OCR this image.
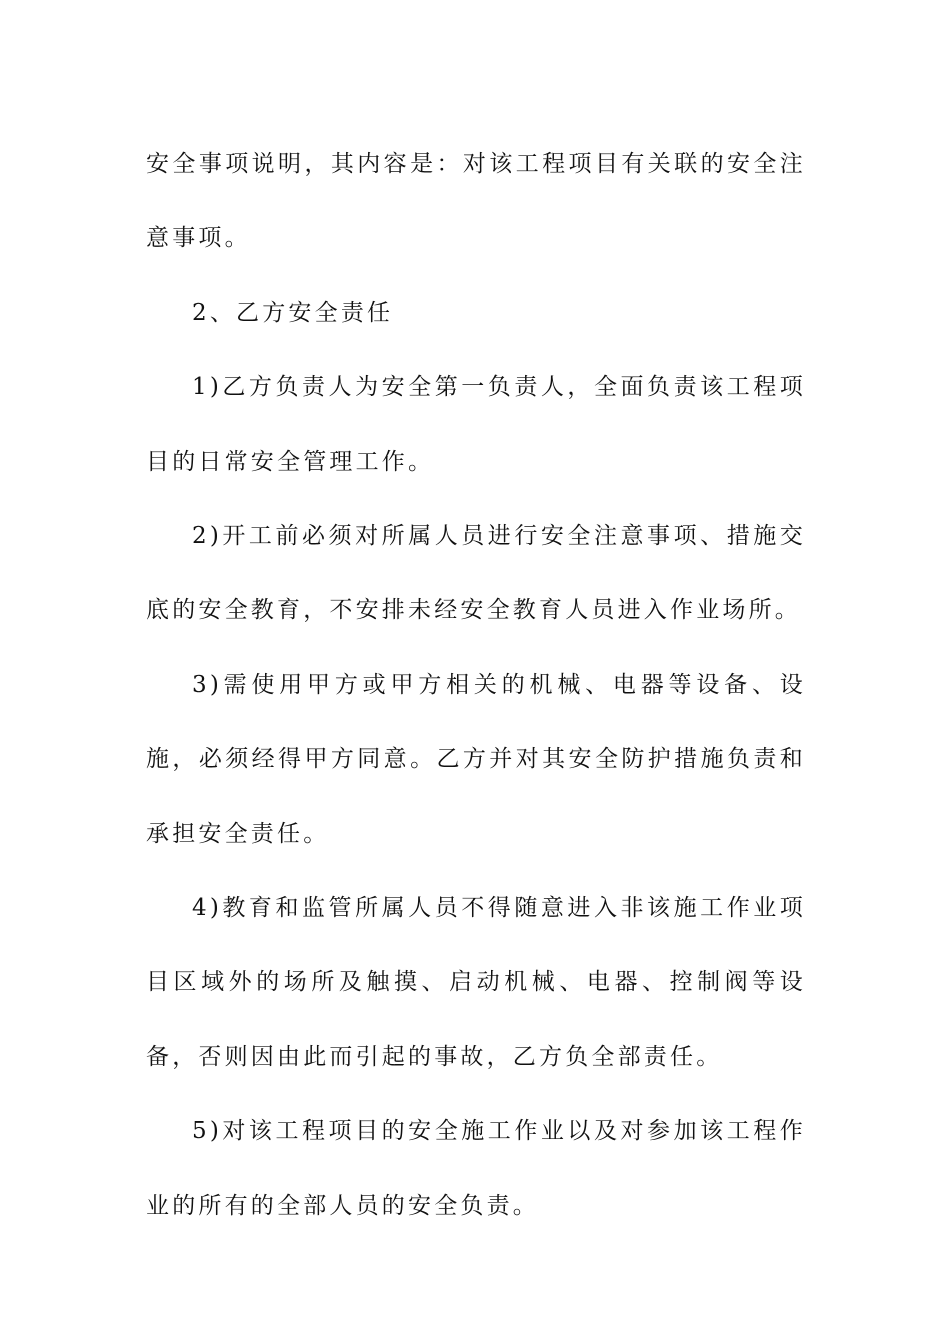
安全事项说明，其内容是：对该工程项目有关联的安全注意事项。

2、乙方安全责任

1)乙方负责人为安全第一负责人，全面负责该工程项目的日常安全管理工作。

2)开工前必须对所属人员进行安全注意事项、措施交底的安全教育，不安排未经安全教育人员进入作业场所。

3)需使用甲方或甲方相关的机械、电器等设备、设施，必须经得甲方同意。乙方并对其安全防护措施负责和承担安全责任。

4)教育和监管所属人员不得随意进入非该施工作业项目区域外的场所及触摸、启动机械、电器、控制阀等设备，否则因由此而引起的事故，乙方负全部责任。

5)对该工程项目的安全施工作业以及对参加该工程作业的所有的全部人员的安全负责。
